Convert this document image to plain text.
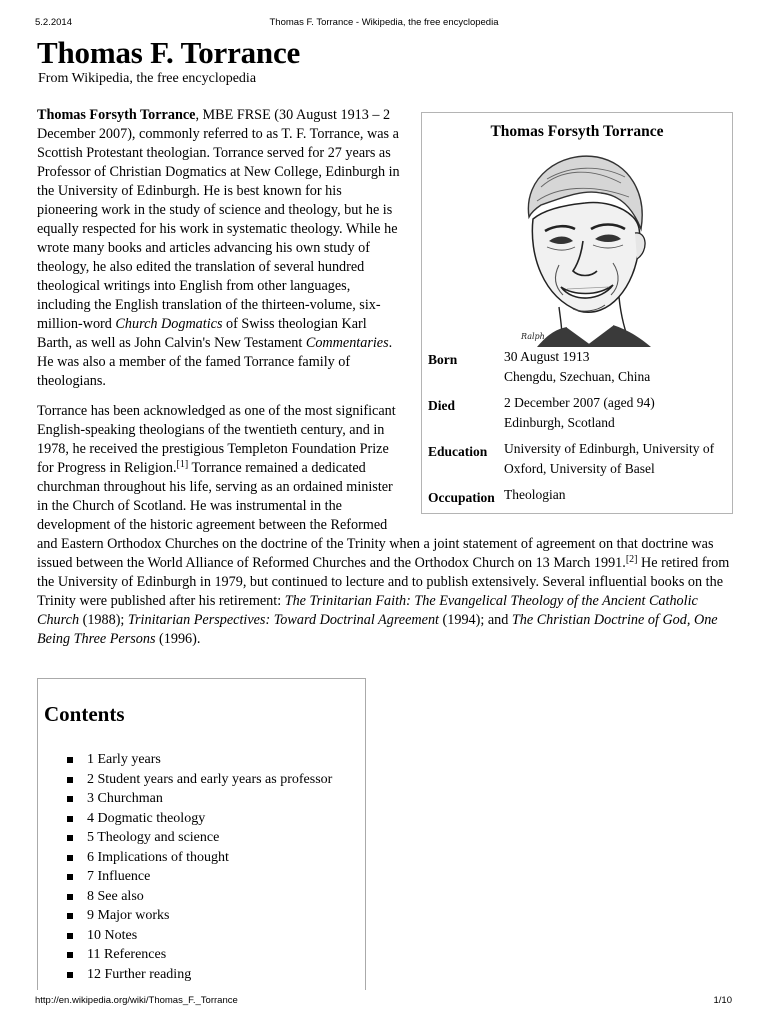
5.2.2014	Thomas F. Torrance - Wikipedia, the free encyclopedia
Thomas F. Torrance
From Wikipedia, the free encyclopedia
Thomas Forsyth Torrance
Ralph
Born	30 August 1913
Chengdu, Szechuan, China
Died	2 December 2007 (aged 94)
Edinburgh, Scotland
Education	University of Edinburgh, University of
Oxford, University of Basel
Occupation	Theologian

Thomas Forsyth Torrance, MBE FRSE (30 August 1913 – 2 December 2007), commonly referred to as T. F. Torrance, was a Scottish Protestant theologian. Torrance served for 27 years as Professor of Christian Dogmatics at New College, Edinburgh in the University of Edinburgh. He is best known for his pioneering work in the study of science and theology, but he is equally respected for his work in systematic theology. While he wrote many books and articles advancing his own study of theology, he also edited the translation of several hundred theological writings into English from other languages, including the English translation of the thirteen-volume, six-million-word Church Dogmatics of Swiss theologian Karl Barth, as well as John Calvin's New Testament Commentaries. He was also a member of the famed Torrance family of theologians.

Torrance has been acknowledged as one of the most significant English-speaking theologians of the twentieth century, and in 1978, he received the prestigious Templeton Foundation Prize for Progress in Religion.[1] Torrance remained a dedicated churchman throughout his life, serving as an ordained minister in the Church of Scotland. He was instrumental in the development of the historic agreement between the Reformed and Eastern Orthodox Churches on the doctrine of the Trinity when a joint statement of agreement on that doctrine was issued between the World Alliance of Reformed Churches and the Orthodox Church on 13 March 1991.[2] He retired from the University of Edinburgh in 1979, but continued to lecture and to publish extensively. Several influential books on the Trinity were published after his retirement: The Trinitarian Faith: The Evangelical Theology of the Ancient Catholic Church (1988); Trinitarian Perspectives: Toward Doctrinal Agreement (1994); and The Christian Doctrine of God, One Being Three Persons (1996).

Contents
1 Early years
2 Student years and early years as professor
3 Churchman
4 Dogmatic theology
5 Theology and science
6 Implications of thought
7 Influence
8 See also
9 Major works
10 Notes
11 References
12 Further reading
http://en.wikipedia.org/wiki/Thomas_F._Torrance	1/10
